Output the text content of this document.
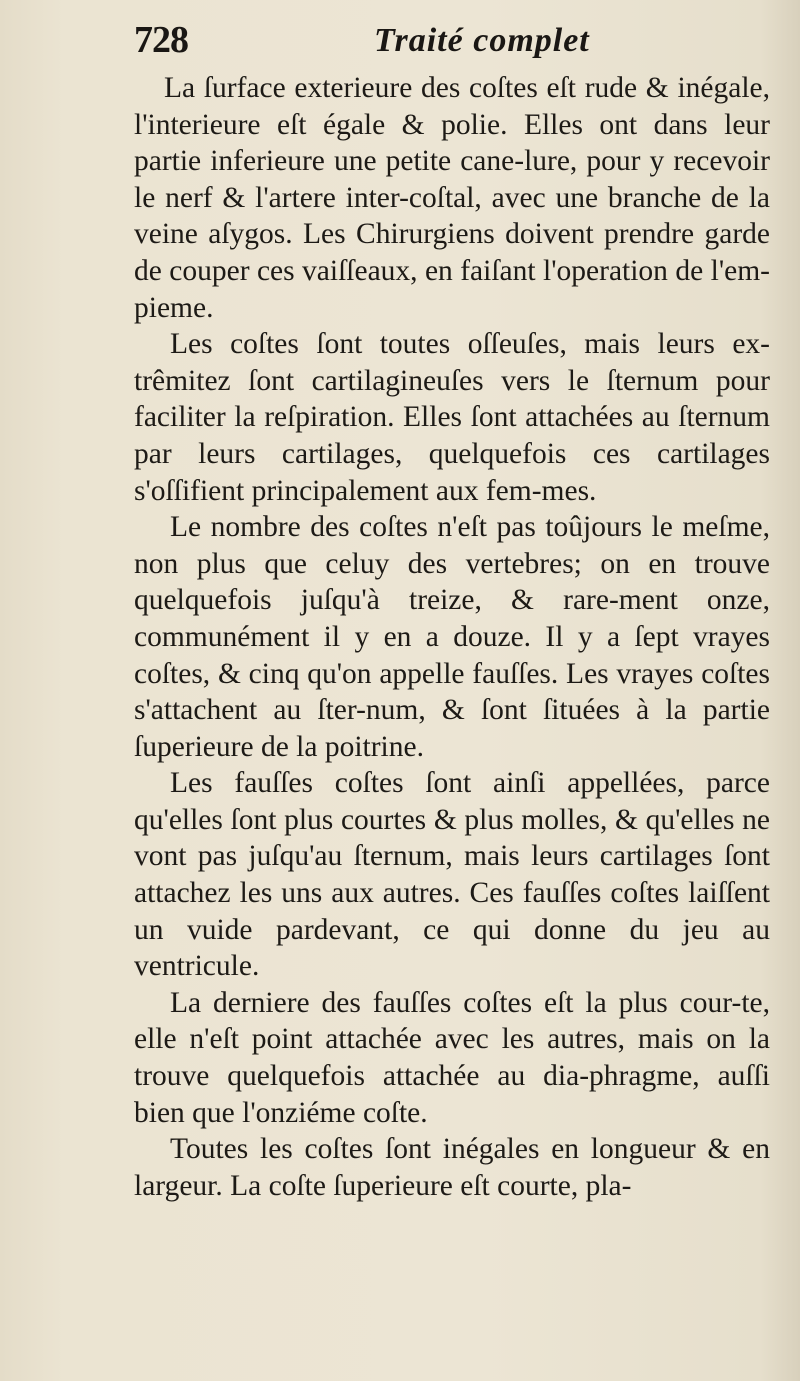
728	Traité complet

La ſurface exterieure des coſtes eſt rude & inégale, l'interieure eſt égale & polie. Elles ont dans leur partie inferieure une petite cane-lure, pour y recevoir le nerf & l'artere inter-coſtal, avec une branche de la veine aſygos. Les Chirurgiens doivent prendre garde de couper ces vaiſſeaux, en faiſant l'operation de l'em-pieme.

Les coſtes ſont toutes oſſeuſes, mais leurs ex-trêmitez ſont cartilagineuſes vers le ſternum pour faciliter la reſpiration. Elles ſont attachées au ſternum par leurs cartilages, quelquefois ces cartilages s'oſſifient principalement aux fem-mes.

Le nombre des coſtes n'eſt pas toûjours le meſme, non plus que celuy des vertebres; on en trouve quelquefois juſqu'à treize, & rare-ment onze, communément il y en a douze. Il y a ſept vrayes coſtes, & cinq qu'on appelle fauſſes. Les vrayes coſtes s'attachent au ſter-num, & ſont ſituées à la partie ſuperieure de la poitrine.

Les fauſſes coſtes ſont ainſi appellées, parce qu'elles ſont plus courtes & plus molles, & qu'elles ne vont pas juſqu'au ſternum, mais leurs cartilages ſont attachez les uns aux autres. Ces fauſſes coſtes laiſſent un vuide pardevant, ce qui donne du jeu au ventricule.

La derniere des fauſſes coſtes eſt la plus cour-te, elle n'eſt point attachée avec les autres, mais on la trouve quelquefois attachée au dia-phragme, auſſi bien que l'onziéme coſte.

Toutes les coſtes ſont inégales en longueur & en largeur. La coſte ſuperieure eſt courte, pla-
